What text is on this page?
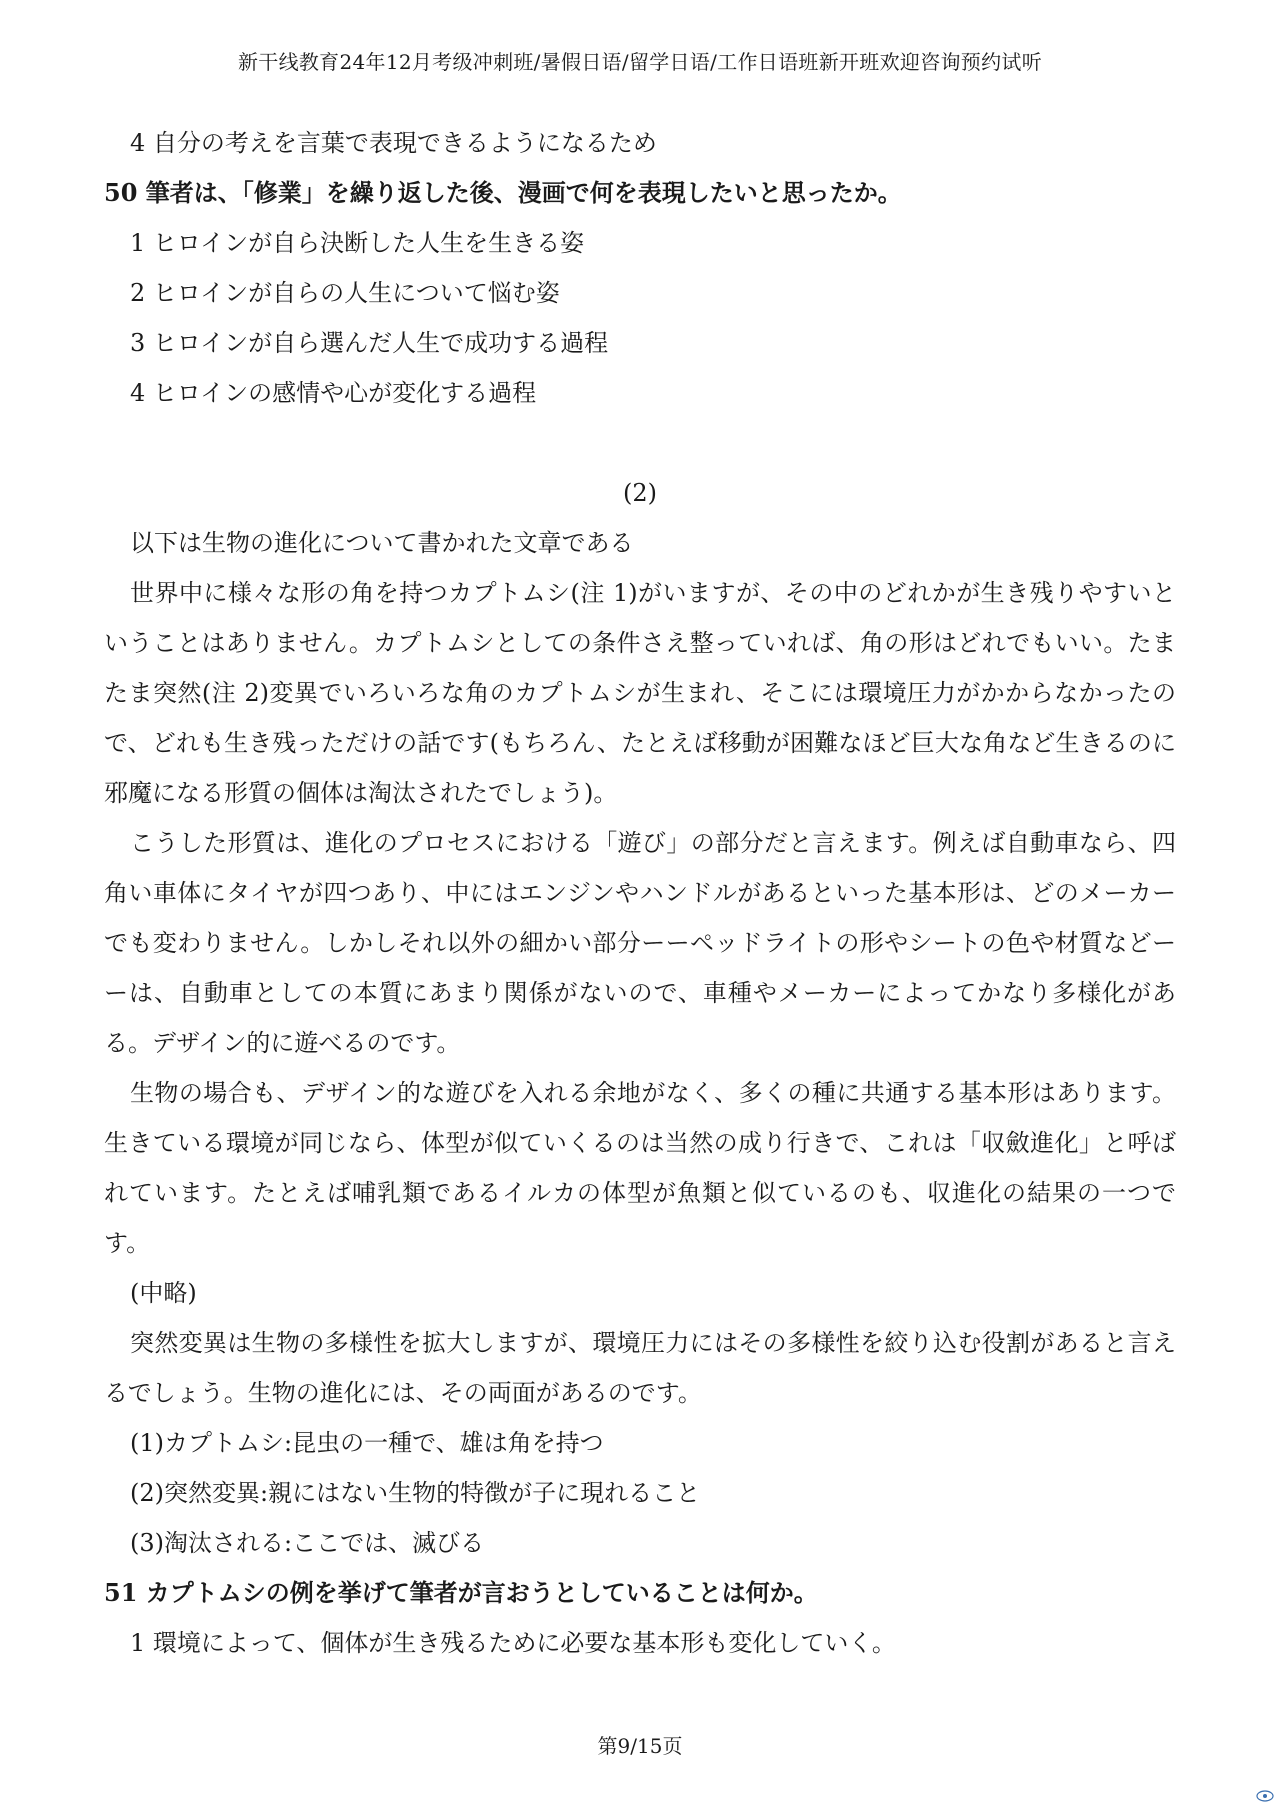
新干线教育24年12月考级冲刺班/暑假日语/留学日语/工作日语班新开班欢迎咨询预约试听
4 自分の考えを言葉で表現できるようになるため
50 筆者は、「修業」を繰り返した後、漫画で何を表現したいと思ったか。
1 ヒロインが自ら決断した人生を生きる姿
2 ヒロインが自らの人生について悩む姿
3 ヒロインが自ら選んだ人生で成功する過程
4 ヒロインの感情や心が変化する過程
(2)
以下は生物の進化について書かれた文章である

世界中に様々な形の角を持つカプトムシ(注 1)がいますが、その中のどれかが生き残りやすいということはありません。カプトムシとしての条件さえ整っていれば、角の形はどれでもいい。たまたま突然(注 2)変異でいろいろな角のカプトムシが生まれ、そこには環境圧力がかからなかったので、どれも生き残っただけの話です(もちろん、たとえば移動が困難なほど巨大な角など生きるのに邪魔になる形質の個体は淘汰されたでしょう)。

こうした形質は、進化のプロセスにおける「遊び」の部分だと言えます。例えば自動車なら、四角い車体にタイヤが四つあり、中にはエンジンやハンドルがあるといった基本形は、どのメーカーでも変わりません。しかしそれ以外の細かい部分ーーペッドライトの形やシートの色や材質などーーは、自動車としての本質にあまり関係がないので、車種やメーカーによってかなり多様化がある。デザイン的に遊べるのです。

生物の場合も、デザイン的な遊びを入れる余地がなく、多くの種に共通する基本形はあります。生きている環境が同じなら、体型が似ていくるのは当然の成り行きで、これは「収斂進化」と呼ばれています。たとえば哺乳類であるイルカの体型が魚類と似ているのも、収進化の結果の一つです。

(中略)

突然変異は生物の多様性を拡大しますが、環境圧力にはその多様性を絞り込む役割があると言えるでしょう。生物の進化には、その両面があるのです。

(1)カプトムシ:昆虫の一種で、雄は角を持つ
(2)突然変異:親にはない生物的特徴が子に現れること
(3)淘汰される:ここでは、滅びる
51 カプトムシの例を挙げて筆者が言おうとしていることは何か。
1 環境によって、個体が生き残るために必要な基本形も変化していく。
第9/15页
